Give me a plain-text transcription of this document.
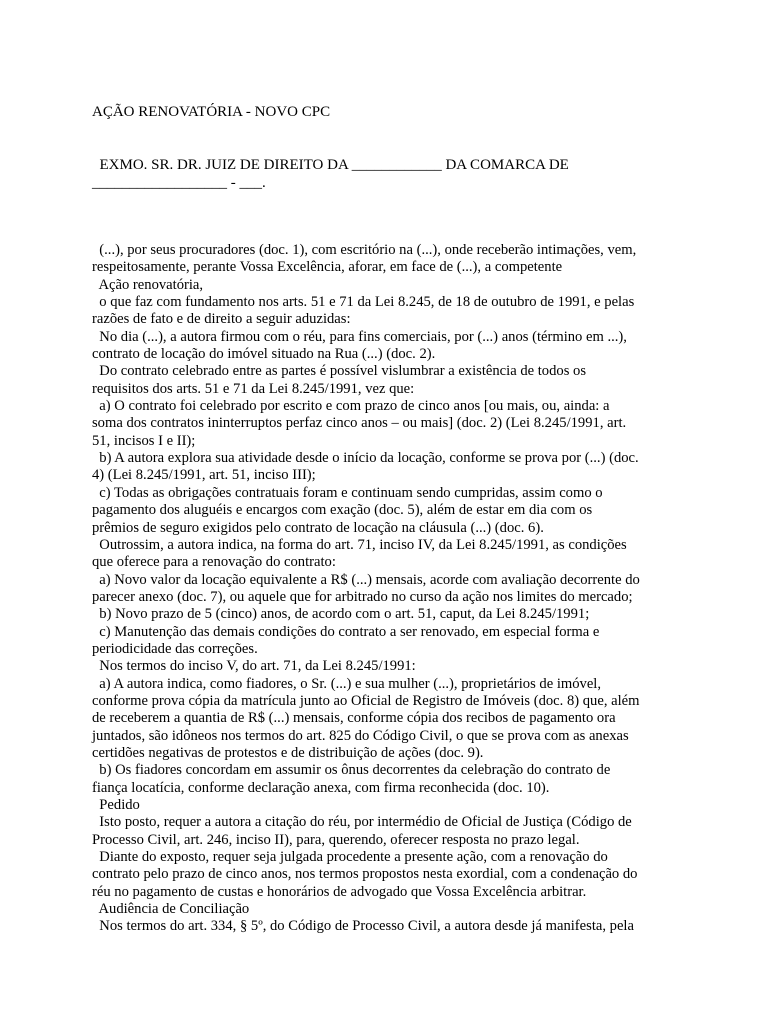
AÇÃO RENOVATÓRIA - NOVO CPC
EXMO. SR. DR. JUIZ DE DIREITO DA ____________ DA COMARCA DE
__________________ - ___.
(...), por seus procuradores (doc. 1), com escritório na (...), onde receberão intimações, vem,
respeitosamente, perante Vossa Excelência, aforar, em face de (...), a competente
Ação renovatória,
o que faz com fundamento nos arts. 51 e 71 da Lei 8.245, de 18 de outubro de 1991, e pelas
razões de fato e de direito a seguir aduzidas:
No dia (...), a autora firmou com o réu, para fins comerciais, por (...) anos (término em ...),
contrato de locação do imóvel situado na Rua (...) (doc. 2).
Do contrato celebrado entre as partes é possível vislumbrar a existência de todos os
requisitos dos arts. 51 e 71 da Lei 8.245/1991, vez que:
a) O contrato foi celebrado por escrito e com prazo de cinco anos [ou mais, ou, ainda: a
soma dos contratos ininterruptos perfaz cinco anos – ou mais] (doc. 2) (Lei 8.245/1991, art.
51, incisos I e II);
b) A autora explora sua atividade desde o início da locação, conforme se prova por (...) (doc.
4) (Lei 8.245/1991, art. 51, inciso III);
c) Todas as obrigações contratuais foram e continuam sendo cumpridas, assim como o
pagamento dos aluguéis e encargos com exação (doc. 5), além de estar em dia com os
prêmios de seguro exigidos pelo contrato de locação na cláusula (...) (doc. 6).
Outrossim, a autora indica, na forma do art. 71, inciso IV, da Lei 8.245/1991, as condições
que oferece para a renovação do contrato:
a) Novo valor da locação equivalente a R$ (...) mensais, acorde com avaliação decorrente do
parecer anexo (doc. 7), ou aquele que for arbitrado no curso da ação nos limites do mercado;
b) Novo prazo de 5 (cinco) anos, de acordo com o art. 51, caput, da Lei 8.245/1991;
c) Manutenção das demais condições do contrato a ser renovado, em especial forma e
periodicidade das correções.
Nos termos do inciso V, do art. 71, da Lei 8.245/1991:
a) A autora indica, como fiadores, o Sr. (...) e sua mulher (...), proprietários de imóvel,
conforme prova cópia da matrícula junto ao Oficial de Registro de Imóveis (doc. 8) que, além
de receberem a quantia de R$ (...) mensais, conforme cópia dos recibos de pagamento ora
juntados, são idôneos nos termos do art. 825 do Código Civil, o que se prova com as anexas
certidões negativas de protestos e de distribuição de ações (doc. 9).
b) Os fiadores concordam em assumir os ônus decorrentes da celebração do contrato de
fiança locatícia, conforme declaração anexa, com firma reconhecida (doc. 10).
Pedido
Isto posto, requer a autora a citação do réu, por intermédio de Oficial de Justiça (Código de
Processo Civil, art. 246, inciso II), para, querendo, oferecer resposta no prazo legal.
Diante do exposto, requer seja julgada procedente a presente ação, com a renovação do
contrato pelo prazo de cinco anos, nos termos propostos nesta exordial, com a condenação do
réu no pagamento de custas e honorários de advogado que Vossa Excelência arbitrar.
Audiência de Conciliação
Nos termos do art. 334, § 5º, do Código de Processo Civil, a autora desde já manifesta, pela
